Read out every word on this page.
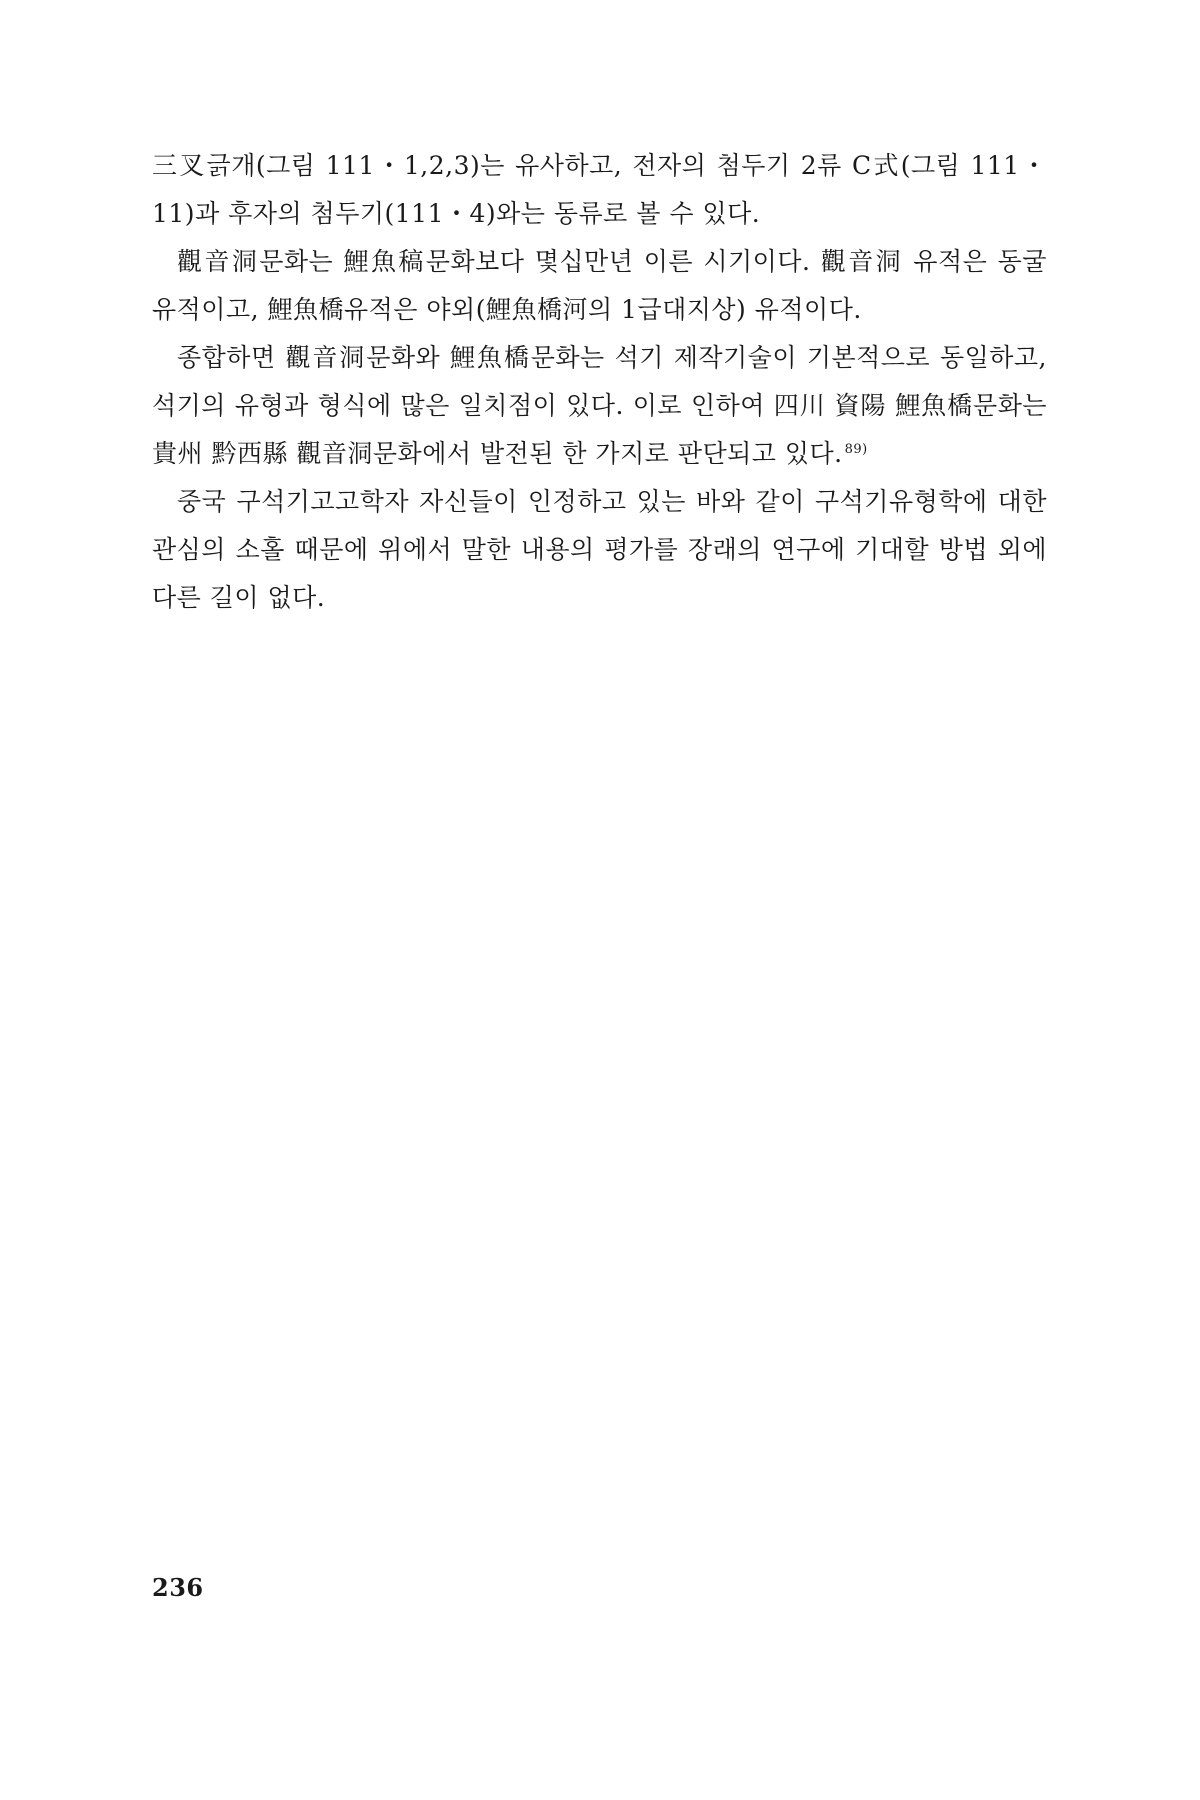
三叉긁개(그림 111・1,2,3)는 유사하고, 전자의 첨두기 2류 C式(그림 111・11)과 후자의 첨두기(111・4)와는 동류로 볼 수 있다.

觀音洞문화는 鯉魚稿문화보다 몇십만년 이른 시기이다. 觀音洞 유적은 동굴 유적이고, 鯉魚橋유적은 야외(鯉魚橋河의 1급대지상) 유적이다.

종합하면 觀音洞문화와 鯉魚橋문화는 석기 제작기술이 기본적으로 동일하고, 석기의 유형과 형식에 많은 일치점이 있다. 이로 인하여 四川 資陽 鯉魚橋문화는 貴州 黔西縣 觀音洞문화에서 발전된 한 가지로 판단되고 있다. $^{89)}$

중국 구석기고고학자 자신들이 인정하고 있는 바와 같이 구석기유형학에 대한 관심의 소홀 때문에 위에서 말한 내용의 평가를 장래의 연구에 기대할 방법 외에 다른 길이 없다.

236
